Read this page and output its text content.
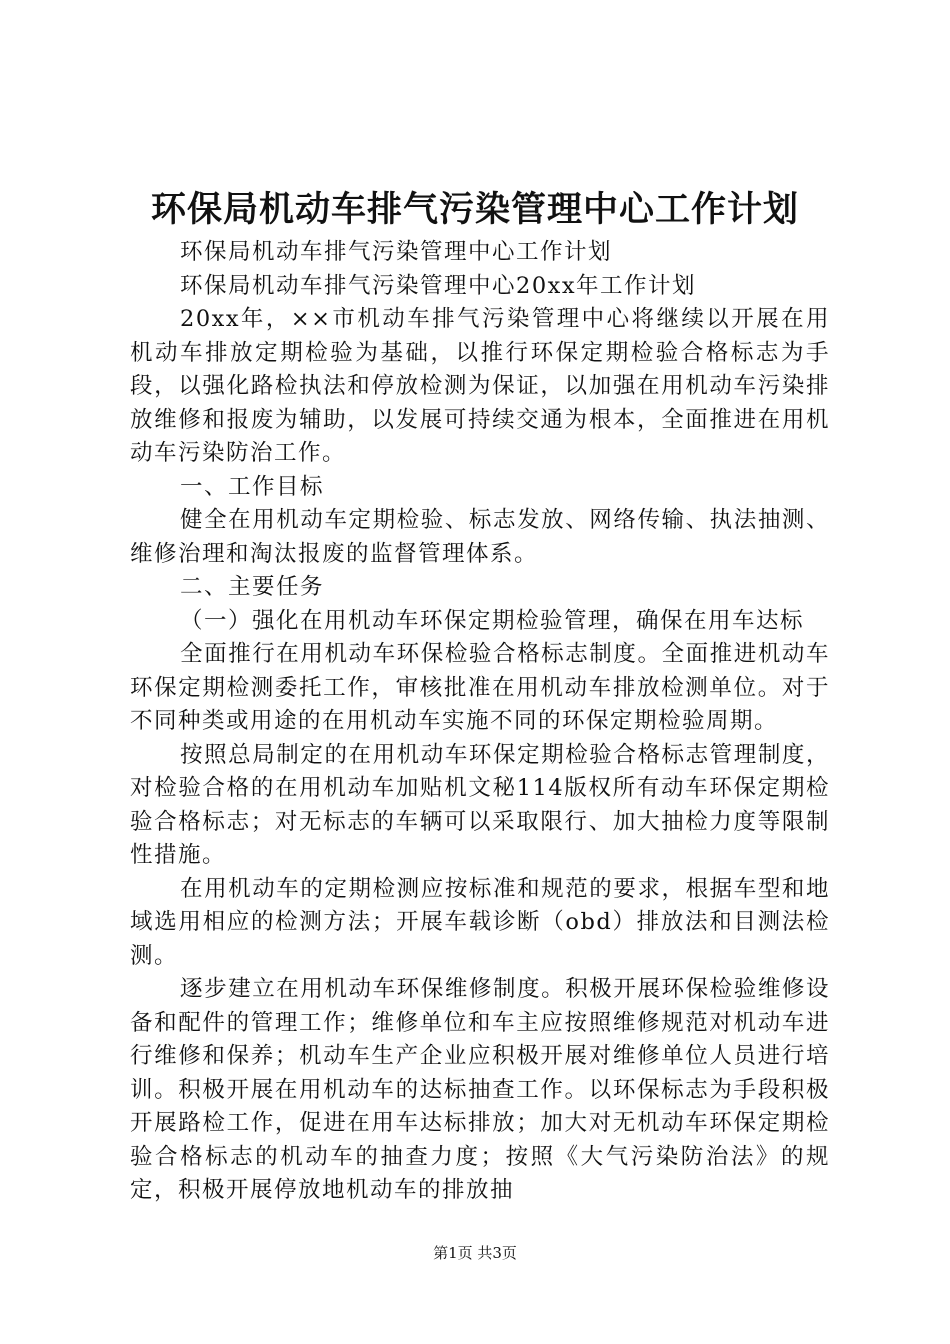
环保局机动车排气污染管理中心工作计划

环保局机动车排气污染管理中心工作计划

环保局机动车排气污染管理中心20xx年工作计划

20xx年，××市机动车排气污染管理中心将继续以开展在用机动车排放定期检验为基础，以推行环保定期检验合格标志为手段，以强化路检执法和停放检测为保证，以加强在用机动车污染排放维修和报废为辅助，以发展可持续交通为根本，全面推进在用机动车污染防治工作。

一、工作目标

健全在用机动车定期检验、标志发放、网络传输、执法抽测、维修治理和淘汰报废的监督管理体系。

二、主要任务

（一）强化在用机动车环保定期检验管理，确保在用车达标

全面推行在用机动车环保检验合格标志制度。全面推进机动车环保定期检测委托工作，审核批准在用机动车排放检测单位。对于不同种类或用途的在用机动车实施不同的环保定期检验周期。

按照总局制定的在用机动车环保定期检验合格标志管理制度，对检验合格的在用机动车加贴机文秘114版权所有动车环保定期检验合格标志；对无标志的车辆可以采取限行、加大抽检力度等限制性措施。

在用机动车的定期检测应按标准和规范的要求，根据车型和地域选用相应的检测方法；开展车载诊断（obd）排放法和目测法检测。

逐步建立在用机动车环保维修制度。积极开展环保检验维修设备和配件的管理工作；维修单位和车主应按照维修规范对机动车进行维修和保养；机动车生产企业应积极开展对维修单位人员进行培训。积极开展在用机动车的达标抽查工作。以环保标志为手段积极开展路检工作，促进在用车达标排放；加大对无机动车环保定期检验合格标志的机动车的抽查力度；按照《大气污染防治法》的规定，积极开展停放地机动车的排放抽

第1页 共3页
